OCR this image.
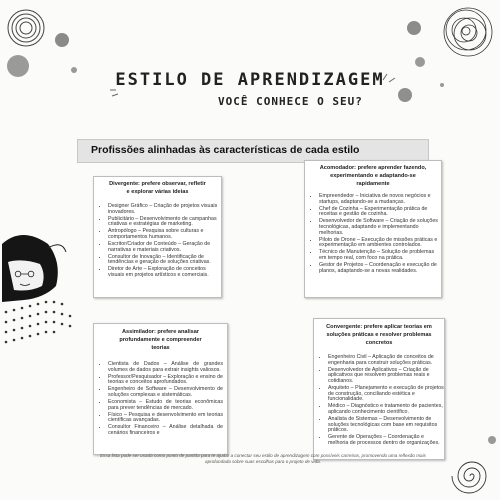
ESTILO DE APRENDIZAGEM
VOCÊ CONHECE O SEU?
Profissões alinhadas às características de cada estilo
Divergente: prefere observar, refletir e explorar várias ideias
• Designer Gráfico – Criação de projetos visuais inovadores.
• Publicitário – Desenvolvimento de campanhas criativas e estratégias de marketing.
• Antropólogo – Pesquisa sobre culturas e comportamentos humanos.
• Escritor/Criador de Conteúdo – Geração de narrativas e materiais criativos.
• Consultor de Inovação – Identificação de tendências e geração de soluções criativas.
• Diretor de Arte – Exploração de conceitos visuais em projetos artísticos e comerciais.
Acomodador: prefere aprender fazendo, experimentando e adaptando-se rapidamente
• Empreendedor – Iniciativa de novos negócios e startups, adaptando-se a mudanças.
• Chef de Cozinha – Experimentação prática de receitas e gestão de cozinha.
• Desenvolvedor de Software – Criação de soluções tecnológicas, adaptando e implementando melhorias.
• Piloto de Drone – Execução de missões práticas e experimentação em ambientes controlados.
• Técnico de Manutenção – Solução de problemas em tempo real, com foco na prática.
• Gestor de Projetos – Coordenação e execução de planos, adaptando-se a novas realidades.
Assimilador: prefere analisar profundamente e compreender teorias
• Cientista de Dados – Análise de grandes volumes de dados para extrair insights valiosos.
• Professor/Pesquisador – Exploração e ensino de teorias e conceitos aprofundados.
• Engenheiro de Software – Desenvolvimento de soluções complexas e sistemáticas.
• Economista – Estudo de teorias econômicas para prever tendências de mercado.
• Físico – Pesquisa e desenvolvimento em teorias científicas avançadas.
• Consultor Financeiro – Análise detalhada de cenários financeiros e
Convergente: prefere aplicar teorias em soluções práticas e resolver problemas concretos
• Engenheiro Civil – Aplicação de conceitos de engenharia para construir soluções práticas.
• Desenvolvedor de Aplicativos – Criação de aplicativos que resolvem problemas reais e cotidianos.
• Arquiteto – Planejamento e execução de projetos de construção, conciliando estética e funcionalidade.
• Médico – Diagnóstico e tratamento de pacientes, aplicando conhecimento científico.
• Analista de Sistemas – Desenvolvimento de soluções tecnológicas com base em requisitos práticos.
• Gerente de Operações – Coordenação e melhoria de processos dentro de organizações.
Essa lista pode ser usada como ponto de partida para te ajudar a conectar seu estilo de aprendizagem com possíveis carreiras, promovendo uma reflexão mais aprofundada sobre suas escolhas para o projeto de vida.
